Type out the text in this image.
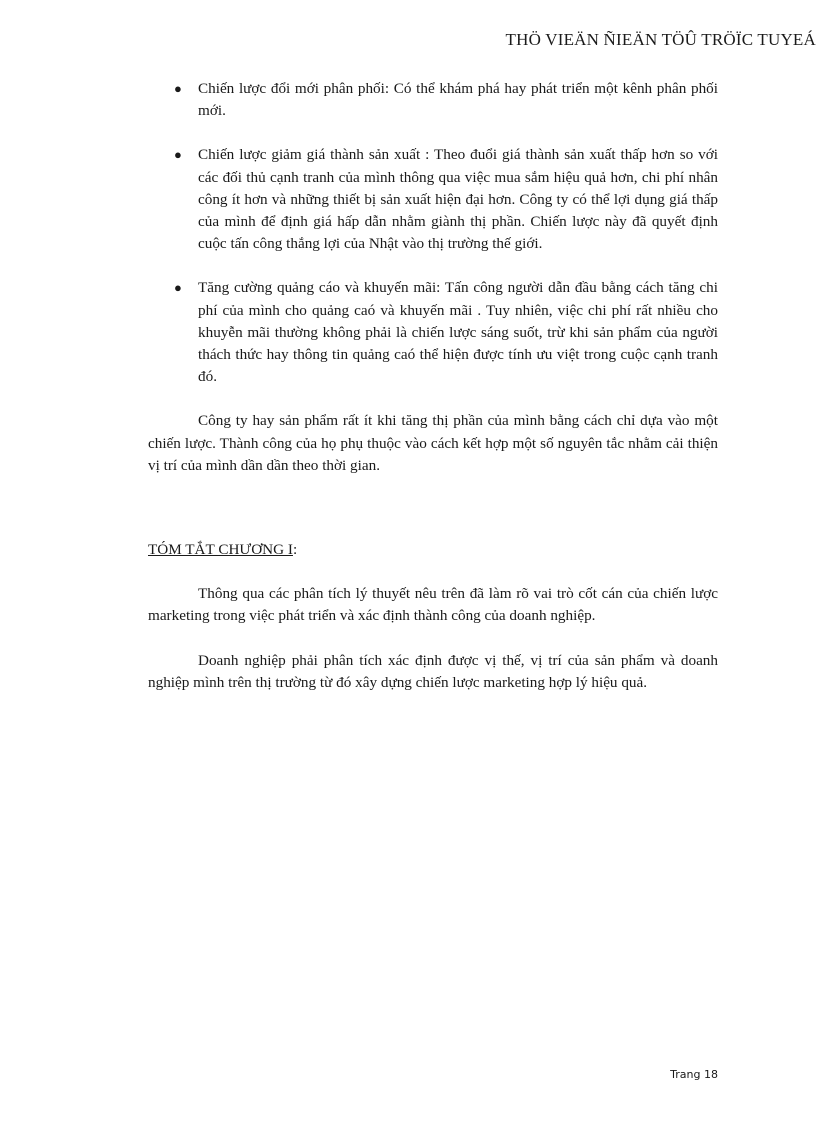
THÖ VIEÄN ÑIEÄN TÖÛ TRÖÏC TUYEÁ
● Chiến lược đổi mới phân phối: Có thể khám phá hay phát triển một kênh phân phối mới.
● Chiến lược giảm giá thành sản xuất : Theo đuổi giá thành sản xuất thấp hơn so với các đối thủ cạnh tranh của mình thông qua việc mua sắm hiệu quả hơn, chi phí nhân công ít hơn và những thiết bị sản xuất hiện đại hơn. Công ty có thể lợi dụng giá thấp của mình để định giá hấp dẫn nhằm giành thị phần. Chiến lược này đã quyết định cuộc tấn công thắng lợi của Nhật vào thị trường thế giới.
● Tăng cường quảng cáo và khuyến mãi: Tấn công người dẫn đầu bằng cách tăng chi phí của mình cho quảng caó và khuyến mãi . Tuy nhiên, việc chi phí rất nhiều cho khuyễn mãi thường không phải là chiến lược sáng suốt, trừ khi sản phẩm của người thách thức hay thông tin quảng caó thể hiện được tính ưu việt trong cuộc cạnh tranh đó.

Công ty hay sản phẩm rất ít khi tăng thị phần của mình bằng cách chỉ dựa vào một chiến lược. Thành công của họ phụ thuộc vào cách kết hợp một số nguyên tắc nhằm cải thiện vị trí của mình dần dần theo thời gian.

TÓM TẮT CHƯƠNG I:

Thông qua các phân tích lý thuyết nêu trên đã làm rõ vai trò cốt cán của chiến lược marketing trong việc phát triển và xác định thành công của doanh nghiệp.

Doanh nghiệp phải phân tích xác định được vị thế, vị trí của sản phẩm và doanh nghiệp mình trên thị trường từ đó xây dựng chiến lược marketing hợp lý hiệu quả.

Trang 18
